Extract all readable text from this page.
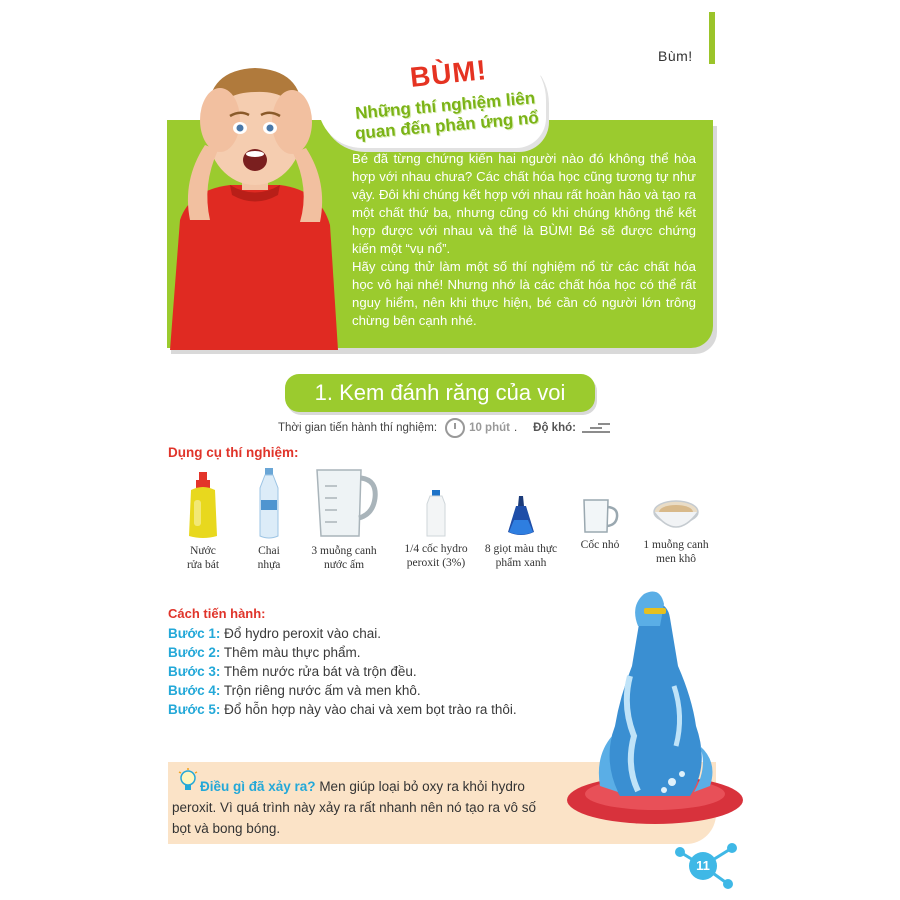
Bùm!
BÙM!
Những thí nghiệm liên quan đến phản ứng nổ

Bé đã từng chứng kiến hai người nào đó không thể hòa hợp với nhau chưa? Các chất hóa học cũng tương tự như vậy. Đôi khi chúng kết hợp với nhau rất hoàn hảo và tạo ra một chất thứ ba, nhưng cũng có khi chúng không thể kết hợp được với nhau và thế là BÙM! Bé sẽ được chứng kiến một “vụ nổ”.

Hãy cùng thử làm một số thí nghiệm nổ từ các chất hóa học vô hại nhé! Nhưng nhớ là các chất hóa học có thể rất nguy hiểm, nên khi thực hiện, bé cần có người lớn trông chừng bên cạnh nhé.

1. Kem đánh răng của voi
Thời gian tiến hành thí nghiệm:	10 phút . Độ khó:
Dụng cụ thí nghiệm:
Nước
rửa bát
Chai
nhựa
3 muỗng canh
nước ấm
1/4 cốc hydro
peroxit (3%)
8 giọt màu thực
phẩm xanh
Cốc nhỏ	1 muỗng canh
men khô
Cách tiến hành:
Bước 1: Đổ hydro peroxit vào chai.
Bước 2: Thêm màu thực phẩm.
Bước 3: Thêm nước rửa bát và trộn đều.
Bước 4: Trộn riêng nước ấm và men khô.
Bước 5: Đổ hỗn hợp này vào chai và xem bọt trào ra thôi.
Điều gì đã xảy ra? Men giúp loại bỏ oxy ra khỏi hydro peroxit. Vì quá trình này xảy ra rất nhanh nên nó tạo ra vô số bọt và bong bóng.
11
